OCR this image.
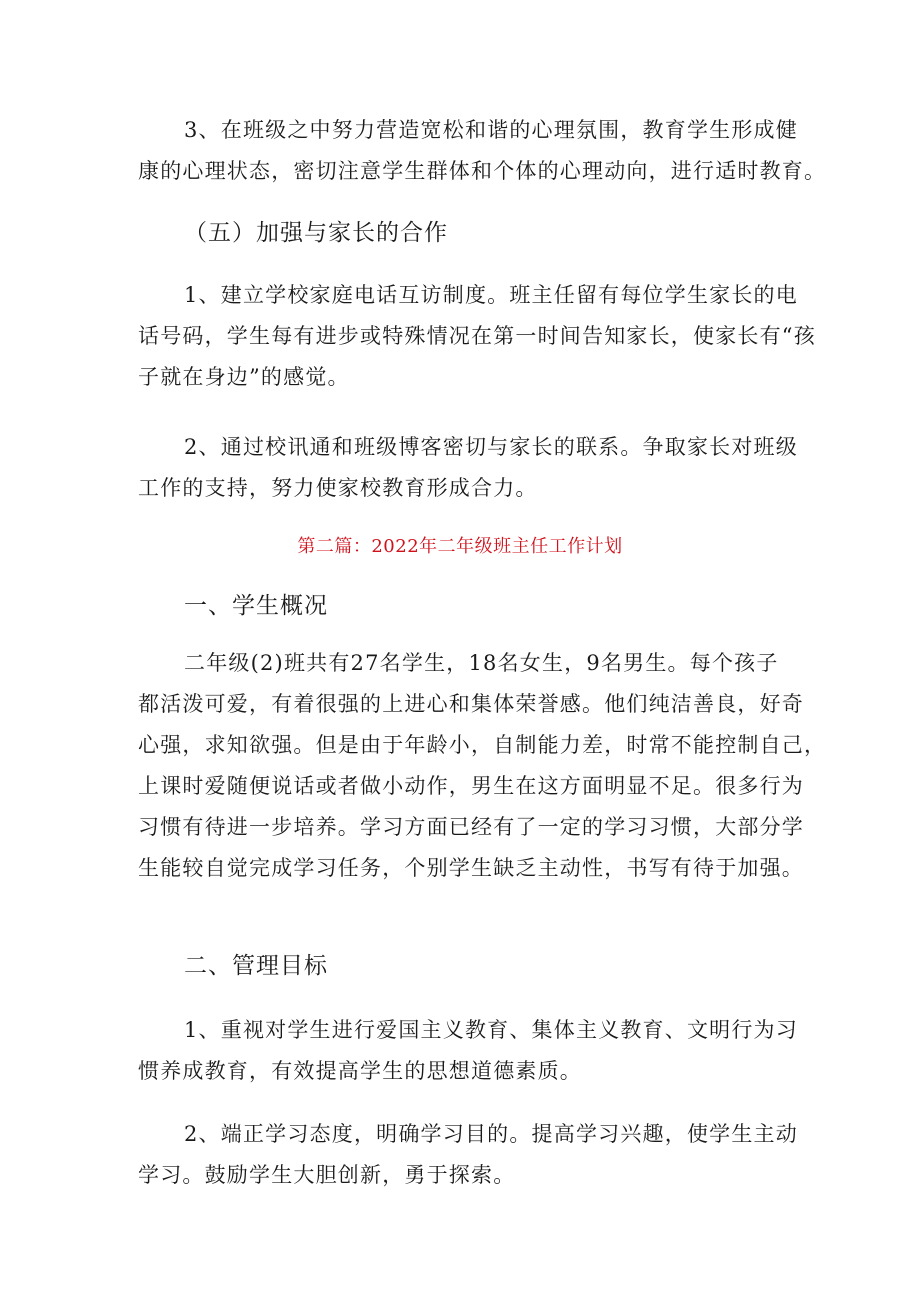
3、在班级之中努力营造宽松和谐的心理氛围，教育学生形成健
康的心理状态，密切注意学生群体和个体的心理动向，进行适时教育。

（五）加强与家长的合作

1、建立学校家庭电话互访制度。班主任留有每位学生家长的电
话号码，学生每有进步或特殊情况在第一时间告知家长，使家长有“孩
子就在身边”的感觉。
2、通过校讯通和班级博客密切与家长的联系。争取家长对班级
工作的支持，努力使家校教育形成合力。

第二篇：2022年二年级班主任工作计划

一、学生概况

二年级(2)班共有27名学生，18名女生，9名男生。每个孩子
都活泼可爱，有着很强的上进心和集体荣誉感。他们纯洁善良，好奇
心强，求知欲强。但是由于年龄小，自制能力差，时常不能控制自己，
上课时爱随便说话或者做小动作，男生在这方面明显不足。很多行为
习惯有待进一步培养。学习方面已经有了一定的学习习惯，大部分学
生能较自觉完成学习任务，个别学生缺乏主动性，书写有待于加强。

二、管理目标

1、重视对学生进行爱国主义教育、集体主义教育、文明行为习
惯养成教育，有效提高学生的思想道德素质。
2、端正学习态度，明确学习目的。提高学习兴趣，使学生主动
学习。鼓励学生大胆创新，勇于探索。
